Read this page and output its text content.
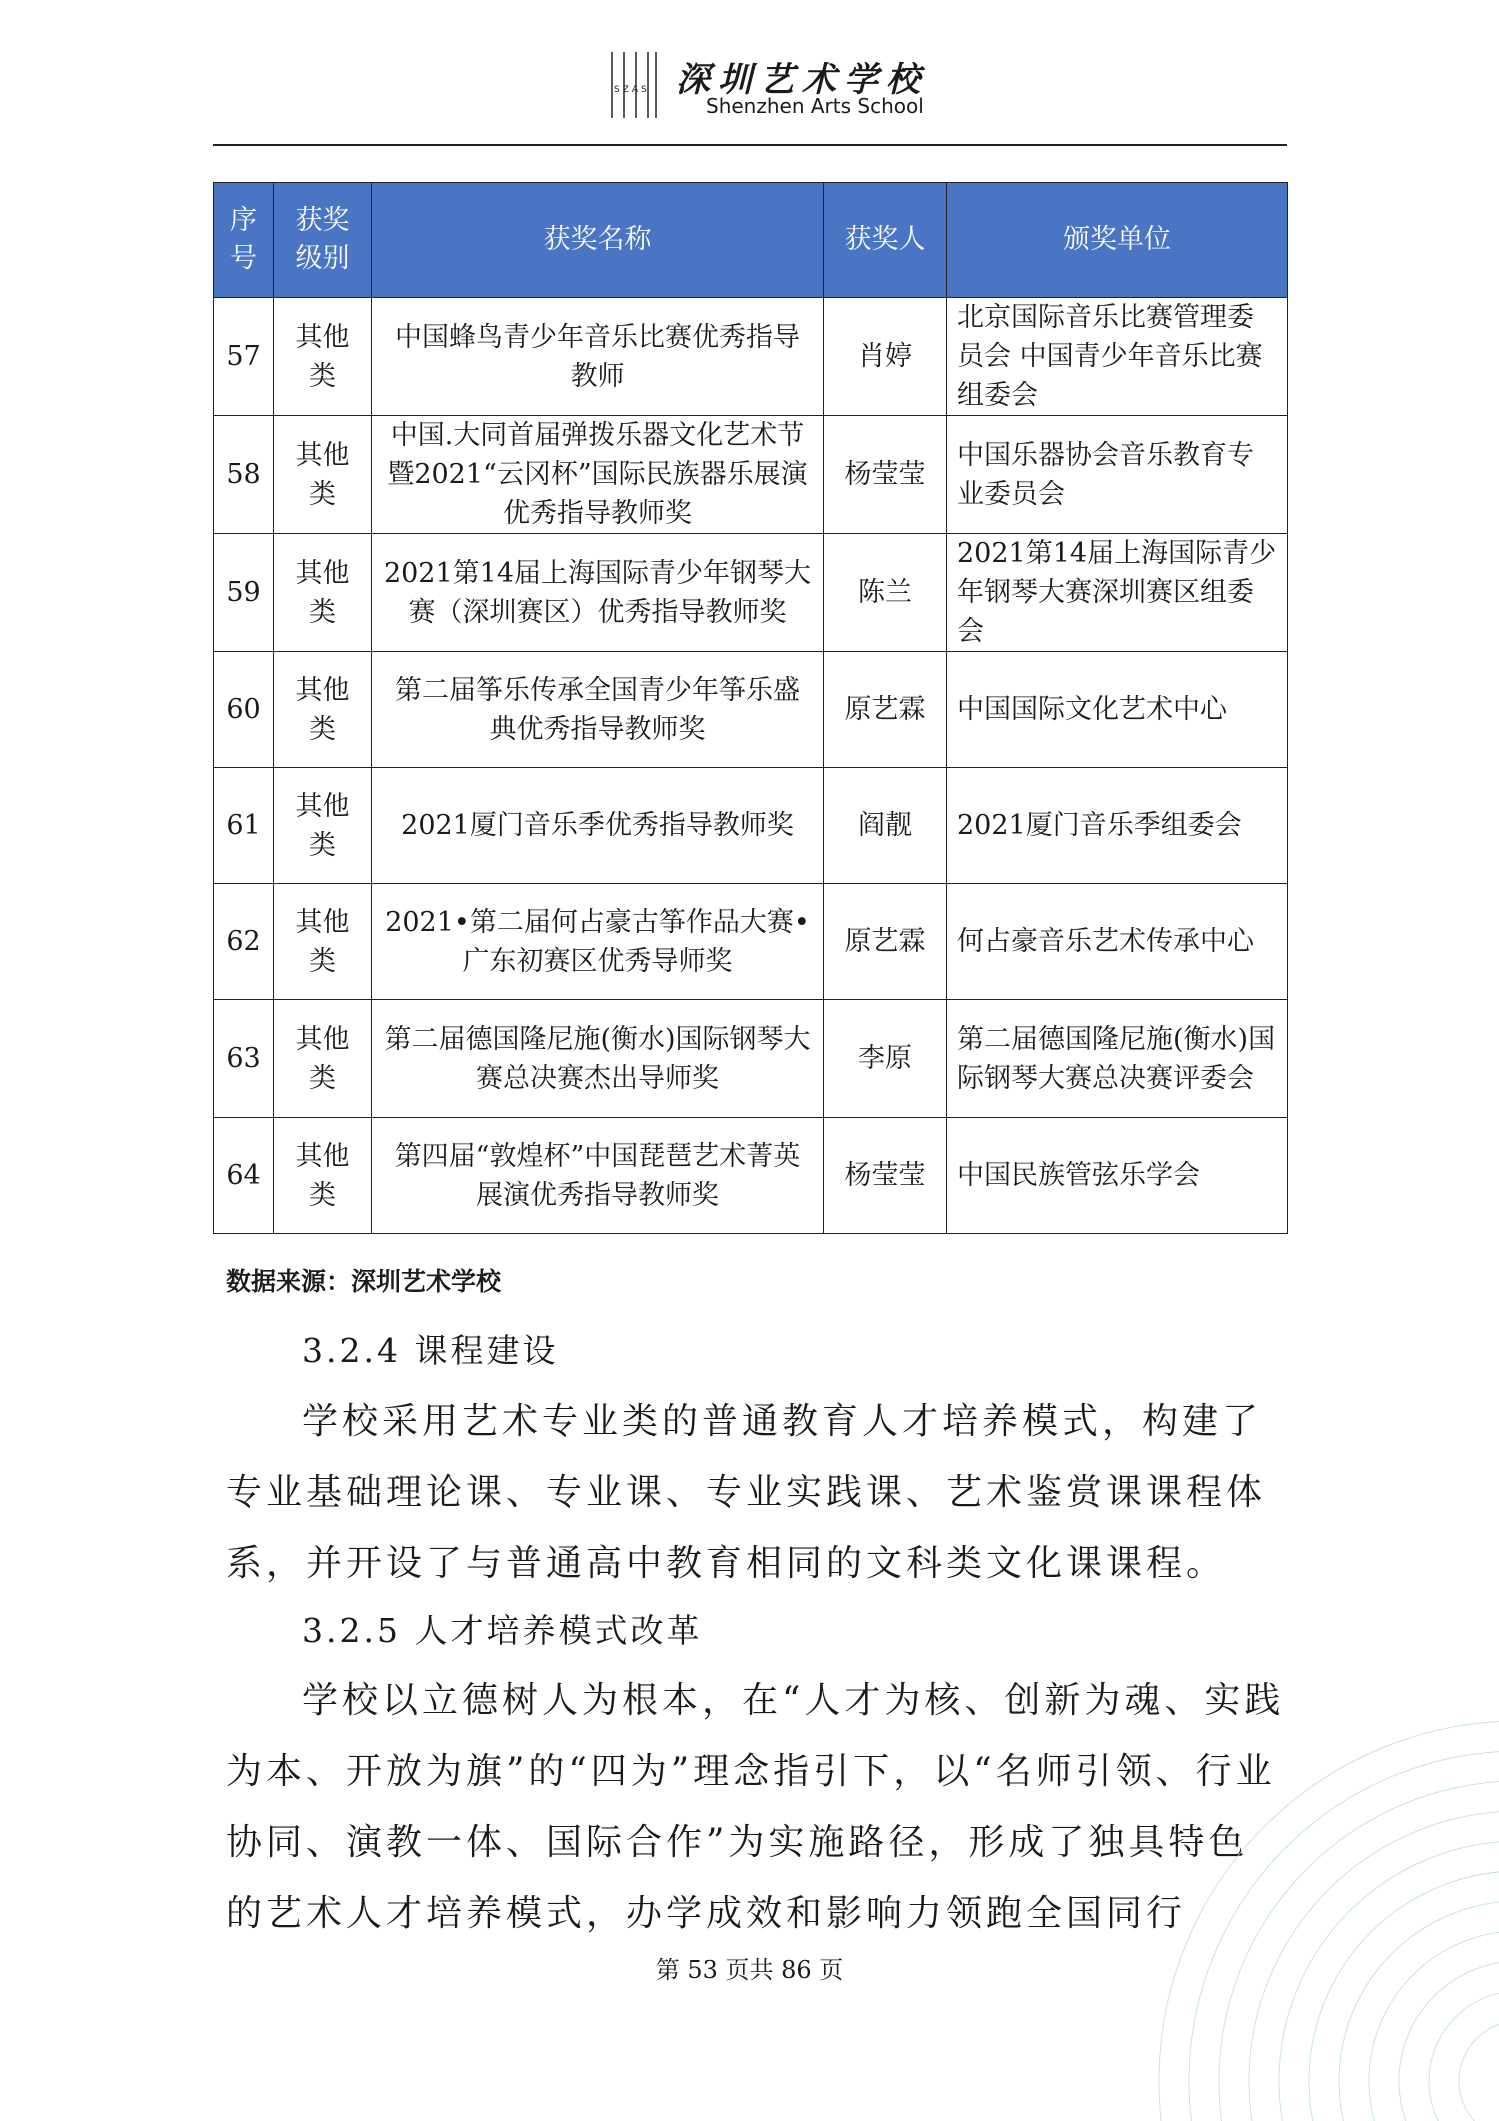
SZAS 深圳艺术学校
Shenzhen Arts School
序号	获奖级别	获奖名称	获奖人	颁奖单位
57	其他类	中国蜂鸟青少年音乐比赛优秀指导教师	肖婷	北京国际音乐比赛管理委员会 中国青少年音乐比赛组委会
58	其他类	中国.大同首届弹拨乐器文化艺术节暨2021“云冈杯”国际民族器乐展演 优秀指导教师奖	杨莹莹	中国乐器协会音乐教育专业委员会
59	其他类	2021第14届上海国际青少年钢琴大赛（深圳赛区）优秀指导教师奖	陈兰	2021第14届上海国际青少年钢琴大赛深圳赛区组委会
60	其他类	第二届筝乐传承全国青少年筝乐盛典优秀指导教师奖	原艺霖	中国国际文化艺术中心
61	其他类	2021厦门音乐季优秀指导教师奖	阎靓	2021厦门音乐季组委会
62	其他类	2021•第二届何占豪古筝作品大赛•广东初赛区优秀导师奖	原艺霖	何占豪音乐艺术传承中心
63	其他类	第二届德国隆尼施(衡水)国际钢琴大赛总决赛杰出导师奖	李原	第二届德国隆尼施(衡水)国际钢琴大赛总决赛评委会
64	其他类	第四届“敦煌杯”中国琵琶艺术菁英展演优秀指导教师奖	杨莹莹	中国民族管弦乐学会
数据来源：深圳艺术学校
3.2.4 课程建设

学校采用艺术专业类的普通教育人才培养模式，构建了专业基础理论课、专业课、专业实践课、艺术鉴赏课课程体系，并开设了与普通高中教育相同的文科类文化课课程。

3.2.5 人才培养模式改革

学校以立德树人为根本，在“人才为核、创新为魂、实践为本、开放为旗”的“四为”理念指引下，以“名师引领、行业协同、演教一体、国际合作”为实施路径，形成了独具特色的艺术人才培养模式，办学成效和影响力领跑全国同行

第 53 页共 86 页
